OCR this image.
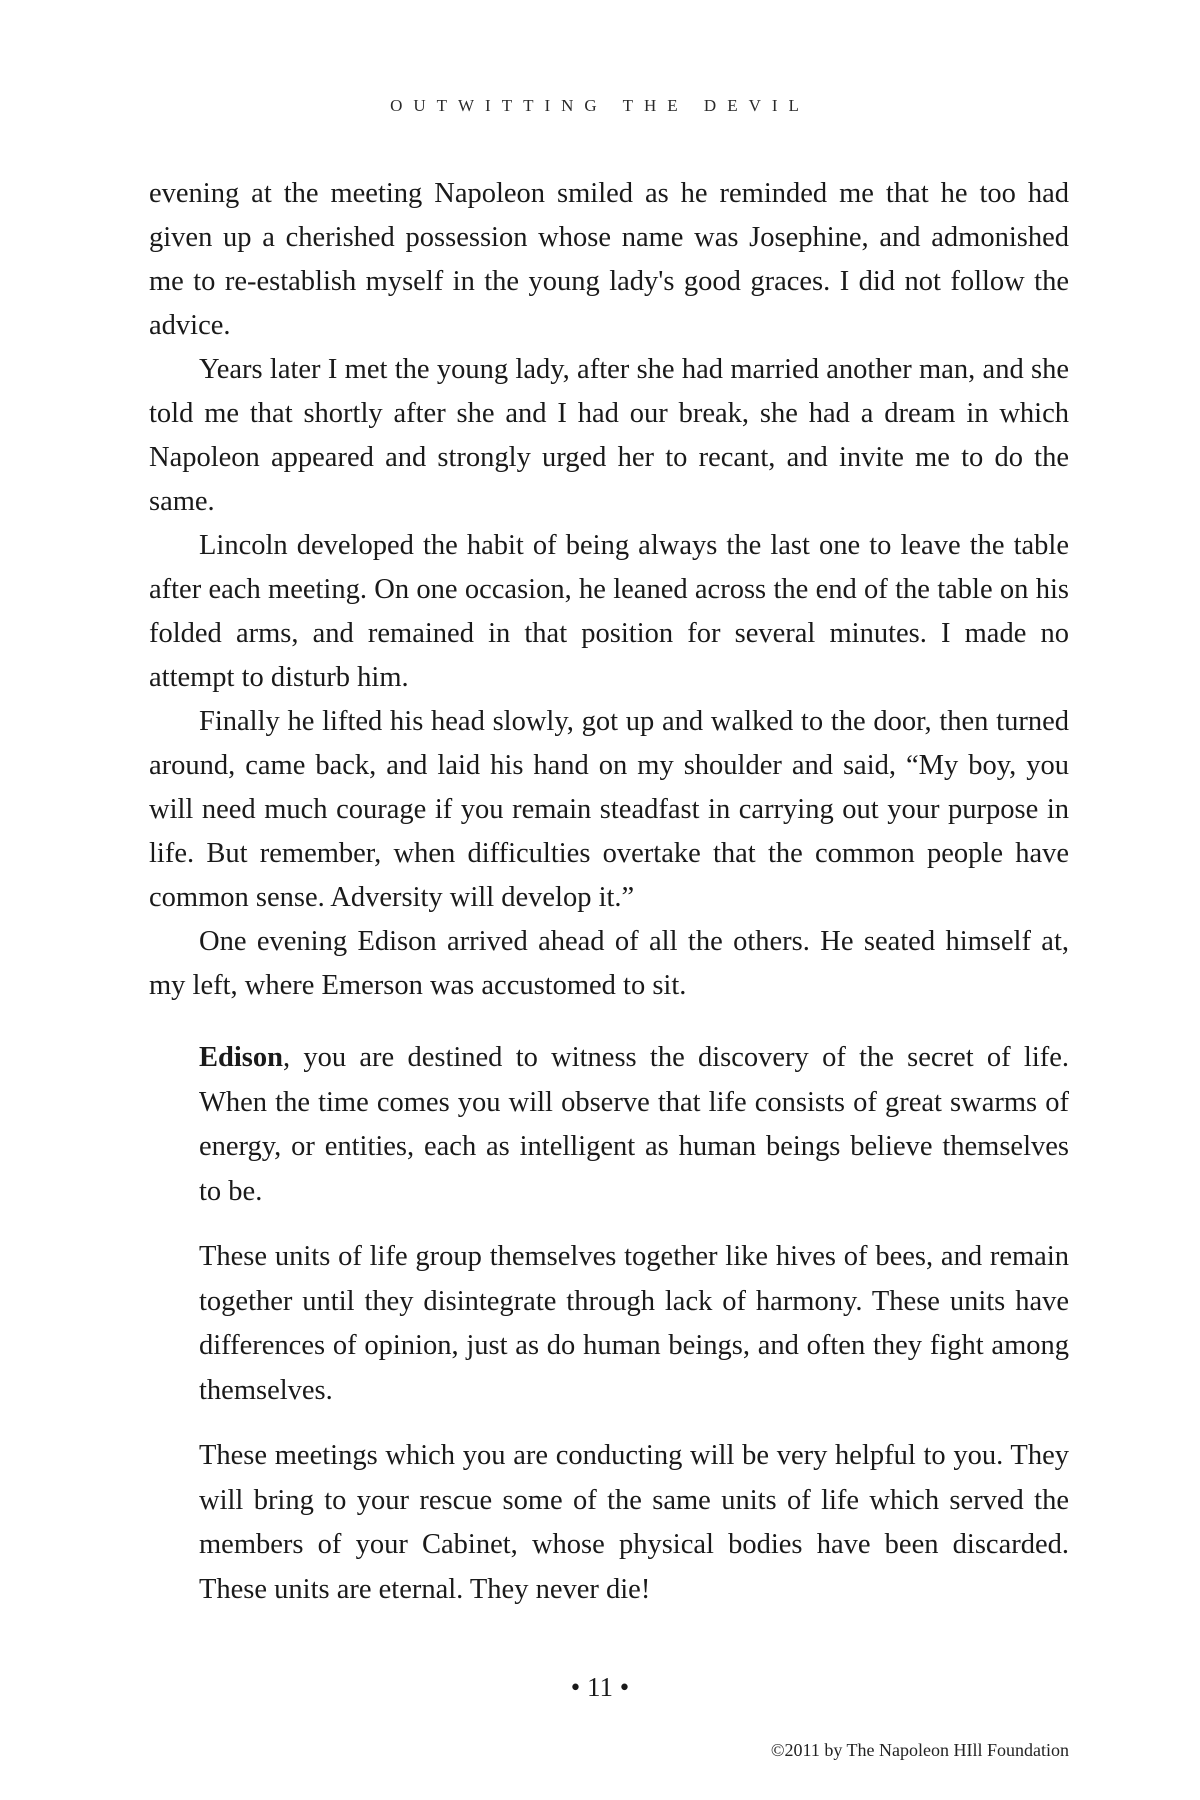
OUTWITTING THE DEVIL

evening at the meeting Napoleon smiled as he reminded me that he too had given up a cherished possession whose name was Josephine, and admonished me to re-establish myself in the young lady's good graces. I did not follow the advice.

Years later I met the young lady, after she had married another man, and she told me that shortly after she and I had our break, she had a dream in which Napoleon appeared and strongly urged her to recant, and invite me to do the same.

Lincoln developed the habit of being always the last one to leave the table after each meeting. On one occasion, he leaned across the end of the table on his folded arms, and remained in that position for several minutes. I made no attempt to disturb him.

Finally he lifted his head slowly, got up and walked to the door, then turned around, came back, and laid his hand on my shoulder and said, “My boy, you will need much courage if you remain steadfast in carrying out your purpose in life. But remember, when difficulties overtake that the common people have common sense. Adversity will develop it.”

One evening Edison arrived ahead of all the others. He seated himself at, my left, where Emerson was accustomed to sit.

Edison, you are destined to witness the discovery of the secret of life. When the time comes you will observe that life consists of great swarms of energy, or entities, each as intelligent as human beings believe themselves to be.

These units of life group themselves together like hives of bees, and remain together until they disintegrate through lack of harmony. These units have differences of opinion, just as do human beings, and often they fight among themselves.

These meetings which you are conducting will be very helpful to you. They will bring to your rescue some of the same units of life which served the members of your Cabinet, whose physical bodies have been discarded. These units are eternal. They never die!

• 11 •
©2011 by The Napoleon HIll Foundation
